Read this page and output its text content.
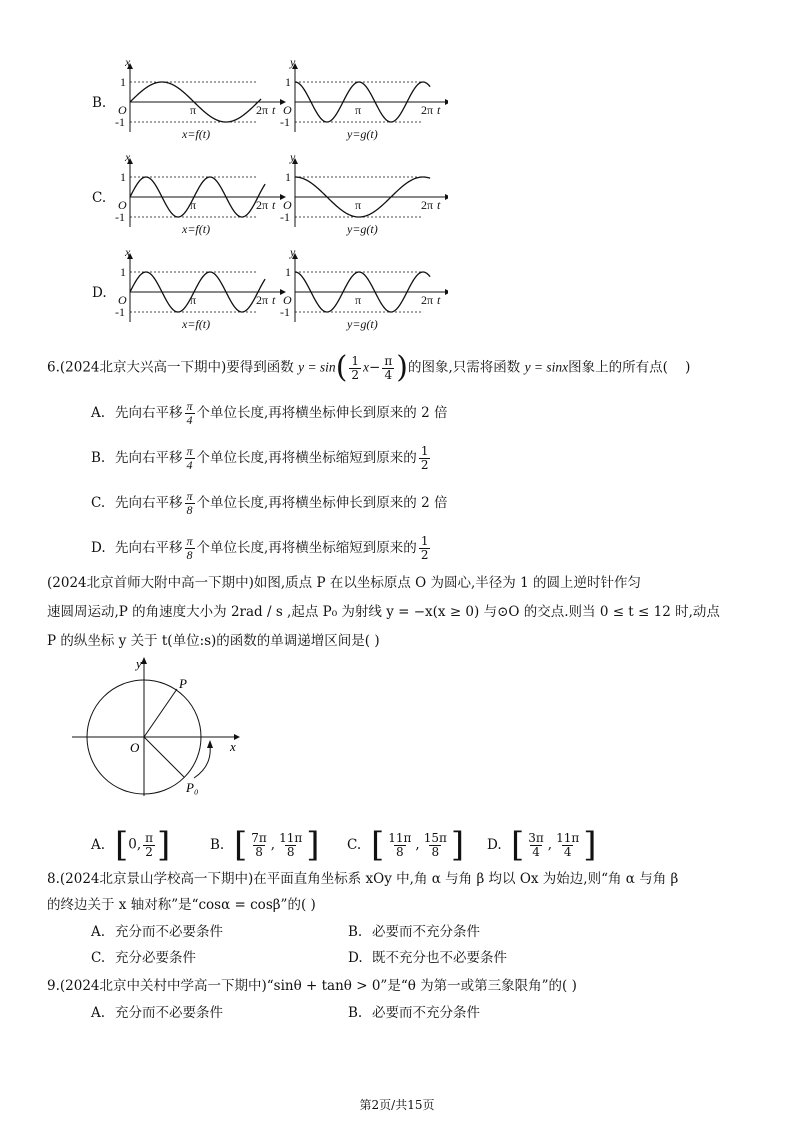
B.
C.
D.
x
1
-1
O	π	2π t
x=f(t)
y
1
-1
O	π	2π t
y=g(t)
x
1
-1
O	π	2π t
x=f(t)
y
1
-1
O	π	2π t
y=g(t)
x
1
-1
O	π	2π t
x=f(t)
y
1
-1
O	π	2π t
y=g(t)
6.(2024北京大兴高一下期中)要得到函数 $y = \sin( \frac{1}{2} x- \frac{\pi}{4}$ )的图象,只需将函数 y = sinx图象上的所有点( )
A. 先向右平移 $\frac{\pi}{4}$ 个单位长度,再将横坐标伸长到原来的 2 倍
B. 先向右平移 $\frac{\pi}{4}$ 个单位长度,再将横坐标缩短到原来的 $\frac{1}{2}$
C. 先向右平移 $\frac{\pi}{8}$ 个单位长度,再将横坐标伸长到原来的 2 倍
D. 先向右平移 $\frac{\pi}{8}$ 个单位长度,再将横坐标缩短到原来的 $\frac{1}{2}$
(2024北京首师大附中高一下期中)如图,质点 P 在以坐标原点 O 为圆心,半径为 1 的圆上逆时针作匀
速圆周运动,P 的角速度大小为 2rad / s ,起点 P₀ 为射线 y = −x(x ≥ 0) 与⊙O 的交点.则当 0 ≤ t ≤ 12 时,动点
P 的纵坐标 y 关于 t(单位:s)的函数的单调递增区间是( )
y
x
P
O
P₀
A. [0, $\frac{\pi}{2}$ ]	B. [ $\frac{7\pi}{8}$ , $\frac{11\pi}{8}$ ] C. [ $\frac{11\pi}{8}$ , $\frac{15\pi}{8}$ ] D. [ $\frac{3\pi}{4}$ , $\frac{11\pi}{4}$ ]
8.(2024北京景山学校高一下期中)在平面直角坐标系 xOy 中,角 α 与角 β 均以 Ox 为始边,则“角 α 与角 β
的终边关于 x 轴对称”是“cosα = cosβ”的( )
A. 充分而不必要条件	B. 必要而不充分条件
C. 充分必要条件	D. 既不充分也不必要条件
9.(2024北京中关村中学高一下期中)“sinθ + tanθ > 0”是“θ 为第一或第三象限角”的( )
A. 充分而不必要条件	B. 必要而不充分条件
第2页/共15页
